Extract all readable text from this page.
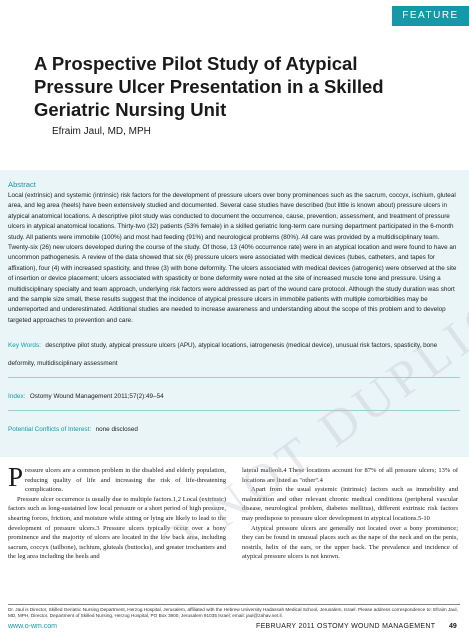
FEATURE
A Prospective Pilot Study of Atypical
Pressure Ulcer Presentation in a Skilled
Geriatric Nursing Unit
Efraim Jaul, MD, MPH

Abstract

Local (extrinsic) and systemic (intrinsic) risk factors for the development of pressure ulcers over bony prominences such as the sacrum, coccyx, ischium, gluteal area, and leg area (heels) have been extensively studied and documented. Several case studies have described (but little is known about) pressure ulcers in atypical anatomical locations. A descriptive pilot study was conducted to document the occurrence, cause, prevention, assessment, and treatment of pressure ulcers in atypical anatomical locations. Thirty-two (32) patients (53% female) in a skilled geriatric long-term care nursing department participated in the 6-month study. All patients were immobile (100%) and most had feeding (91%) and neurological problems (80%). All care was provided by a multidisciplinary team. Twenty-six (26) new ulcers developed during the course of the study. Of those, 13 (40% occurrence rate) were in an atypical location and were found to have an uncommon pathogenesis. A review of the data showed that six (6) pressure ulcers were associated with medical devices (tubes, catheters, and tapes for affixation), four (4) with increased spasticity, and three (3) with bone deformity. The ulcers associated with medical devices (iatrogenic) were observed at the site of insertion or device placement; ulcers associated with spasticity or bone deformity were noted at the site of increased muscle tone and pressure. Using a multidisciplinary specialty and team approach, underlying risk factors were addressed as part of the wound care protocol. Although the study duration was short and the sample size small, these results suggest that the incidence of atypical pressure ulcers in immobile patients with multiple comorbidities may be underreported and underestimated. Additional studies are needed to increase awareness and understanding about the scope of this problem and to develop targeted approaches to prevention and care.

Key Words: descriptive pilot study, atypical pressure ulcers (APU), atypical locations, iatrogenesis (medical device), unusual risk factors, spasticity, bone deformity, multidisciplinary assessment

Index: Ostomy Wound Management 2011;57(2):49–54

Potential Conflicts of Interest: none disclosed

Pressure ulcers are a common problem in the disabled and elderly population, reducing quality of life and increasing the risk of life-threatening complications.

Pressure ulcer occurrence is usually due to multiple factors.1,2 Local (extrinsic) factors such as long-sustained low local pressure or a short period of high pressure, shearing forces, friction, and moisture while sitting or lying are likely to lead to the development of pressure ulcers.3 Pressure ulcers typically occur over a bony prominence and the majority of ulcers are located in the low back area, including sacrum, coccyx (tailbone), ischium, gluteals (buttocks), and greater trochanters and the leg area including the heels and

lateral malleoli.4 These locations account for 87% of all pressure ulcers; 13% of locations are listed as "other".4

Apart from the usual systemic (intrinsic) factors such as immobility and malnutrition and other relevant chronic medical conditions (peripheral vascular disease, neurological problem, diabetes mellitus), different extrinsic risk factors may predispose to pressure ulcer development in atypical locations.5-10

Atypical pressure ulcers are generally not located over a bony prominence; they can be found in unusual places such as the nape of the neck and on the penis, nostrils, helix of the ears, or the upper back. The prevalence and incidence of atypical pressure ulcers is not known.

Dr. Jaul is Director, Skilled Geriatric Nursing Department, Herzog Hospital, Jerusalem, affiliated with the Hebrew University Hadassah Medical School, Jerusalem, Israel. Please address correspondence to: Efraim Jaul, MD, MPH, Director, Department of Skilled Nursing, Herzog Hospital, PO Box 3900, Jerusalem 91035 Israel; email: jaul@zahav.net.il.

www.o-wm.com	FEBRUARY 2011 OSTOMY WOUND MANAGEMENT 49
